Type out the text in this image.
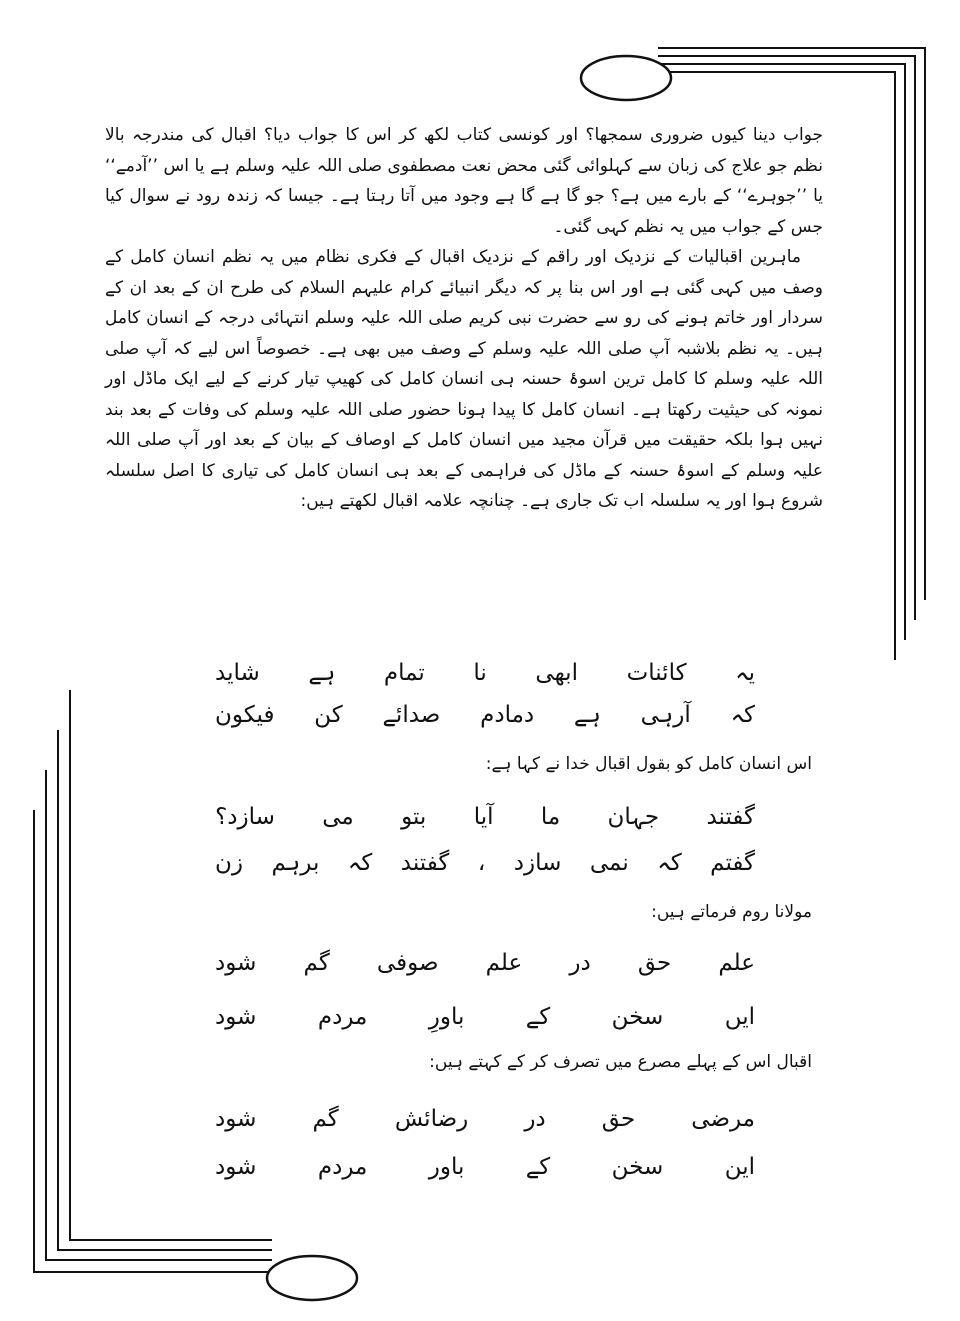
جواب دینا کیوں ضروری سمجھا؟ اور کونسی کتاب لکھ کر اس کا جواب دیا؟ اقبال کی مندرجہ بالا نظم جو علاج کی زبان سے کہلوائی گئی محض نعت مصطفوی صلی اللہ علیہ وسلم ہے یا اس ’’آدمے‘‘ یا ’’جوہرے‘‘ کے بارے میں ہے؟ جو گا ہے گا ہے وجود میں آتا رہتا ہے۔ جیسا کہ زندہ رود نے سوال کیا جس کے جواب میں یہ نظم کہی گئی۔

ماہرین اقبالیات کے نزدیک اور راقم کے نزدیک اقبال کے فکری نظام میں یہ نظم انسان کامل کے وصف میں کہی گئی ہے اور اس بنا پر کہ دیگر انبیائے کرام علیہم السلام کی طرح ان کے بعد ان کے سردار اور خاتم ہونے کی رو سے حضرت نبی کریم صلی اللہ علیہ وسلم انتہائی درجہ کے انسان کامل ہیں۔ یہ نظم بلاشبہ آپ صلی اللہ علیہ وسلم کے وصف میں بھی ہے۔ خصوصاً اس لیے کہ آپ صلی اللہ علیہ وسلم کا کامل ترین اسوۂ حسنہ ہی انسان کامل کی کھیپ تیار کرنے کے لیے ایک ماڈل اور نمونہ کی حیثیت رکھتا ہے۔ انسان کامل کا پیدا ہونا حضور صلی اللہ علیہ وسلم کی وفات کے بعد بند نہیں ہوا بلکہ حقیقت میں قرآن مجید میں انسان کامل کے اوصاف کے بیان کے بعد اور آپ صلی اللہ علیہ وسلم کے اسوۂ حسنہ کے ماڈل کی فراہمی کے بعد ہی انسان کامل کی تیاری کا اصل سلسلہ شروع ہوا اور یہ سلسلہ اب تک جاری ہے۔ چنانچہ علامہ اقبال لکھتے ہیں:

یہ
کائنات
ابھی
نا
تمام
ہے
شاید
کہ
آرہی
ہے
دمادم
صدائے
کن
فیکون
اس انسان کامل کو بقول اقبال خدا نے کہا ہے:
گفتند
جہان
ما
آیا
بتو
می
سازد؟
گفتم
کہ
نمی
سازد
،
گفتند
کہ
برہم
زن
مولانا روم فرماتے ہیں:
علم
حق
در
علم
صوفی
گم
شود
ایں
سخن
کے
باورِ
مردم
شود
اقبال اس کے پہلے مصرع میں تصرف کر کے کہتے ہیں:
مرضی
حق
در
رضائش
گم
شود
این
سخن
کے
باور
مردم
شود
